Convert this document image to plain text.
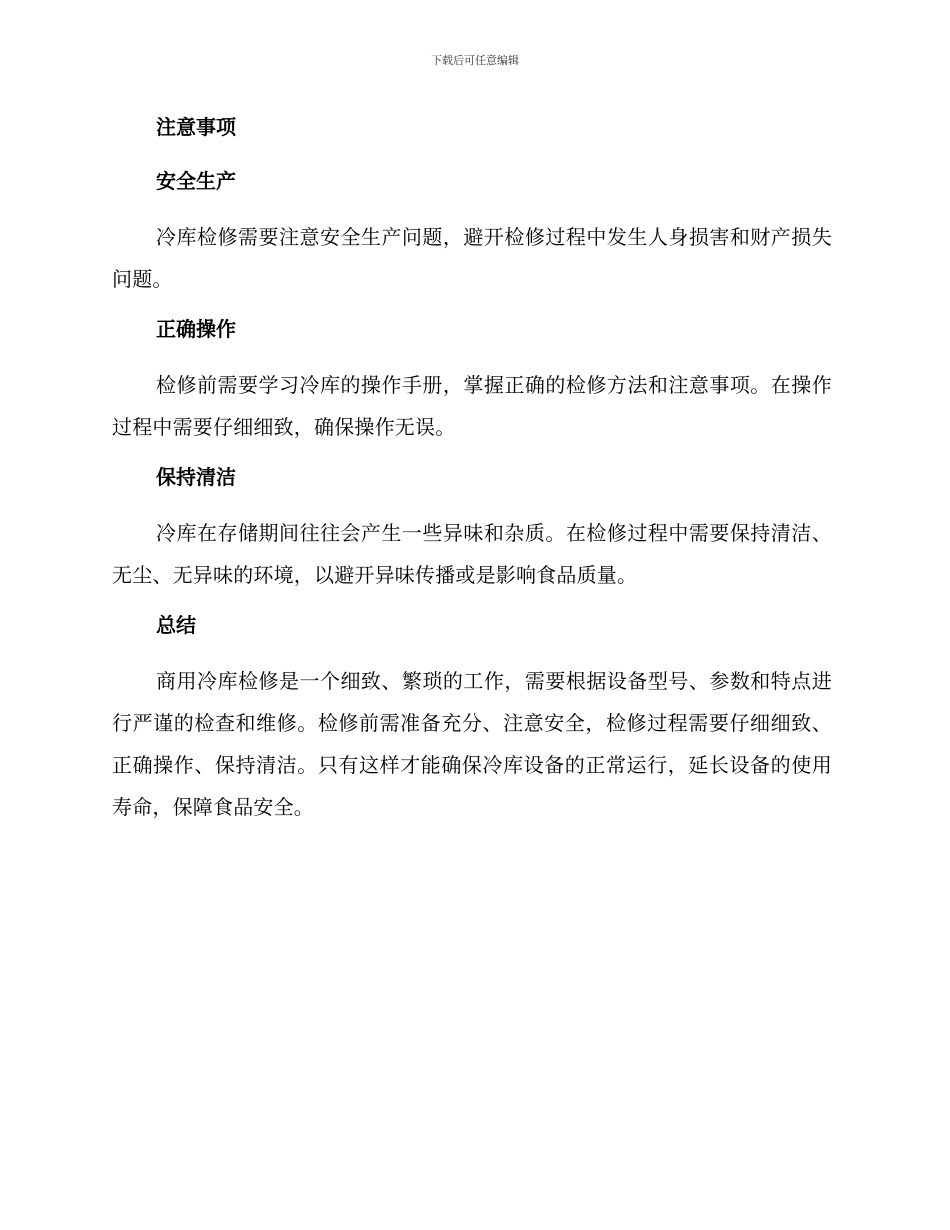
下载后可任意编辑
注意事项
安全生产

冷库检修需要注意安全生产问题，避开检修过程中发生人身损害和财产损失问题。

正确操作

检修前需要学习冷库的操作手册，掌握正确的检修方法和注意事项。在操作过程中需要仔细细致，确保操作无误。

保持清洁

冷库在存储期间往往会产生一些异味和杂质。在检修过程中需要保持清洁、无尘、无异味的环境，以避开异味传播或是影响食品质量。

总结

商用冷库检修是一个细致、繁琐的工作，需要根据设备型号、参数和特点进行严谨的检查和维修。检修前需准备充分、注意安全，检修过程需要仔细细致、正确操作、保持清洁。只有这样才能确保冷库设备的正常运行，延长设备的使用寿命，保障食品安全。
